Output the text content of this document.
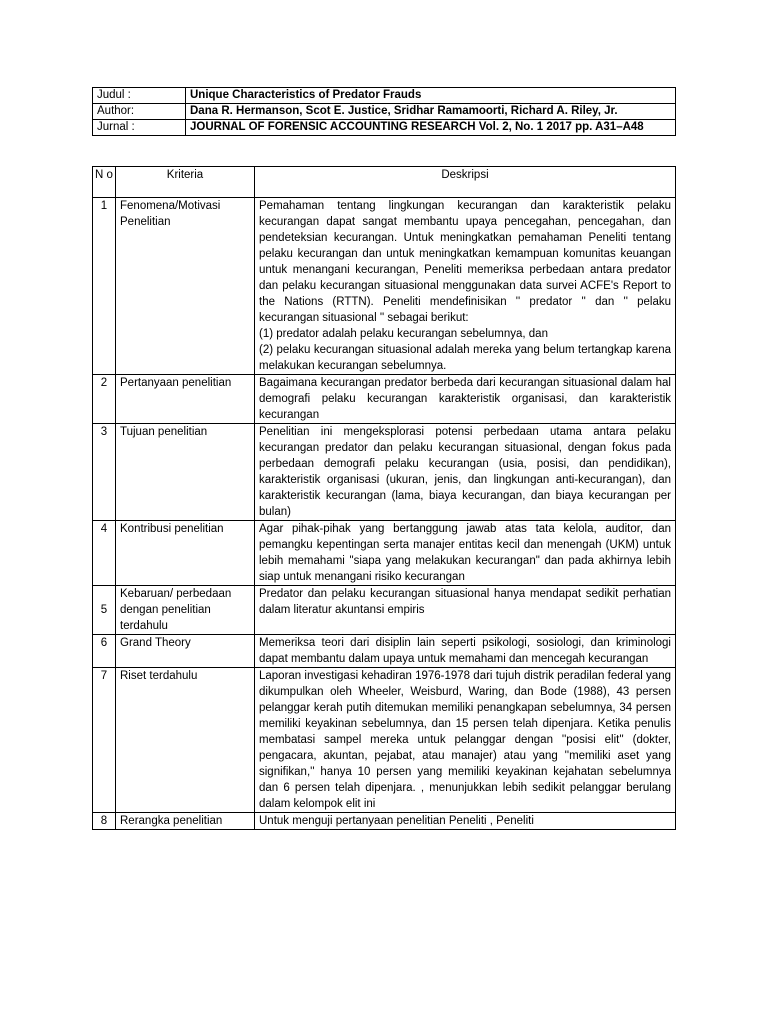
Judul :	Unique Characteristics of Predator Frauds
Author:	Dana R. Hermanson, Scot E. Justice, Sridhar Ramamoorti, Richard A. Riley, Jr.
Jurnal :	JOURNAL OF FORENSIC ACCOUNTING RESEARCH Vol. 2, No. 1 2017 pp. A31–A48
N o	Kriteria	Deskripsi
1	Fenomena/Motivasi Penelitian	Pemahaman tentang lingkungan kecurangan dan karakteristik pelaku kecurangan dapat sangat membantu upaya pencegahan, pencegahan, dan pendeteksian kecurangan. Untuk meningkatkan pemahaman Peneliti tentang pelaku kecurangan dan untuk meningkatkan kemampuan komunitas keuangan untuk menangani kecurangan, Peneliti memeriksa perbedaan antara predator dan pelaku kecurangan situasional menggunakan data survei ACFE's Report to the Nations (RTTN). Peneliti mendefinisikan '' predator '' dan '' pelaku kecurangan situasional '' sebagai berikut:
(1) predator adalah pelaku kecurangan sebelumnya, dan
(2) pelaku kecurangan situasional adalah mereka yang belum tertangkap karena melakukan kecurangan sebelumnya.

2	Pertanyaan penelitian	Bagaimana kecurangan predator berbeda dari kecurangan situasional dalam hal demografi pelaku kecurangan karakteristik organisasi, dan karakteristik kecurangan
3	Tujuan penelitian	Penelitian ini mengeksplorasi potensi perbedaan utama antara pelaku kecurangan predator dan pelaku kecurangan situasional, dengan fokus pada perbedaan demografi pelaku kecurangan (usia, posisi, dan pendidikan), karakteristik organisasi (ukuran, jenis, dan lingkungan anti-kecurangan), dan karakteristik kecurangan (lama, biaya kecurangan, dan biaya kecurangan per bulan)
4	Kontribusi penelitian	Agar pihak-pihak yang bertanggung jawab atas tata kelola, auditor, dan pemangku kepentingan serta manajer entitas kecil dan menengah (UKM) untuk lebih memahami "siapa yang melakukan kecurangan" dan pada akhirnya lebih siap untuk menangani risiko kecurangan
5	Kebaruan/ perbedaan dengan penelitian terdahulu	Predator dan pelaku kecurangan situasional hanya mendapat sedikit perhatian dalam literatur akuntansi empiris
6	Grand Theory	Memeriksa teori dari disiplin lain seperti psikologi, sosiologi, dan kriminologi dapat membantu dalam upaya untuk memahami dan mencegah kecurangan
7	Riset terdahulu	Laporan investigasi kehadiran 1976-1978 dari tujuh distrik peradilan federal yang dikumpulkan oleh Wheeler, Weisburd, Waring, dan Bode (1988), 43 persen pelanggar kerah putih ditemukan memiliki penangkapan sebelumnya, 34 persen memiliki keyakinan sebelumnya, dan 15 persen telah dipenjara. Ketika penulis membatasi sampel mereka untuk pelanggar dengan ''posisi elit'' (dokter, pengacara, akuntan, pejabat, atau manajer) atau yang ''memiliki aset yang signifikan,'' hanya 10 persen yang memiliki keyakinan kejahatan sebelumnya dan 6 persen telah dipenjara. , menunjukkan lebih sedikit pelanggar berulang dalam kelompok elit ini
8	Rerangka penelitian	Untuk menguji pertanyaan penelitian Peneliti , Peneliti
